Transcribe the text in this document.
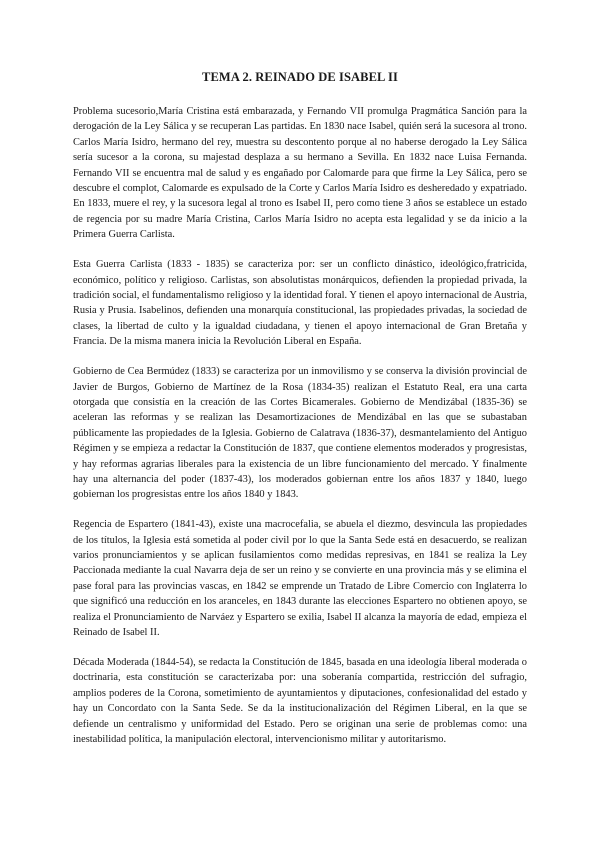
TEMA 2. REINADO DE ISABEL II

Problema sucesorio,María Cristina está embarazada, y Fernando VII promulga Pragmática Sanción para la derogación de la Ley Sálica y se recuperan Las partidas. En 1830 nace Isabel, quién será la sucesora al trono. Carlos María Isidro, hermano del rey, muestra su descontento porque al no haberse derogado la Ley Sálica sería sucesor a la corona, su majestad desplaza a su hermano a Sevilla. En 1832 nace Luisa Fernanda. Fernando VII se encuentra mal de salud y es engañado por Calomarde para que firme la Ley Sálica, pero se descubre el complot, Calomarde es expulsado de la Corte y Carlos María Isidro es desheredado y expatriado. En 1833, muere el rey, y la sucesora legal al trono es Isabel II, pero como tiene 3 años se establece un estado de regencia por su madre María Cristina, Carlos María Isidro no acepta esta legalidad y se da inicio a la Primera Guerra Carlista.

Esta Guerra Carlista (1833 - 1835) se caracteriza por: ser un conflicto dinástico, ideológico,fratricida, económico, político y religioso. Carlistas, son absolutistas monárquicos, defienden la propiedad privada, la tradición social, el fundamentalismo religioso y la identidad foral. Y tienen el apoyo internacional de Austria, Rusia y Prusia. Isabelinos, defienden una monarquía constitucional, las propiedades privadas, la sociedad de clases, la libertad de culto y la igualdad ciudadana, y tienen el apoyo internacional de Gran Bretaña y Francia. De la misma manera inicia la Revolución Liberal en España.

Gobierno de Cea Bermúdez (1833) se caracteriza por un inmovilismo y se conserva la división provincial de Javier de Burgos, Gobierno de Martínez de la Rosa (1834-35) realizan el Estatuto Real, era una carta otorgada que consistía en la creación de las Cortes Bicamerales. Gobierno de Mendizábal (1835-36) se aceleran las reformas y se realizan las Desamortizaciones de Mendizábal en las que se subastaban públicamente las propiedades de la Iglesia. Gobierno de Calatrava (1836-37), desmantelamiento del Antiguo Régimen y se empieza a redactar la Constitución de 1837, que contiene elementos moderados y progresistas, y hay reformas agrarias liberales para la existencia de un libre funcionamiento del mercado. Y finalmente hay una alternancia del poder (1837-43), los moderados gobiernan entre los años 1837 y 1840, luego gobiernan los progresistas entre los años 1840 y 1843.

Regencia de Espartero (1841-43), existe una macrocefalia, se abuela el diezmo, desvincula las propiedades de los títulos, la Iglesia está sometida al poder civil por lo que la Santa Sede está en desacuerdo, se realizan varios pronunciamientos y se aplican fusilamientos como medidas represivas, en 1841 se realiza la Ley Paccionada mediante la cual Navarra deja de ser un reino y se convierte en una provincia más y se elimina el pase foral para las provincias vascas, en 1842 se emprende un Tratado de Libre Comercio con Inglaterra lo que significó una reducción en los aranceles, en 1843 durante las elecciones Espartero no obtienen apoyo, se realiza el Pronunciamiento de Narváez y Espartero se exilia, Isabel II alcanza la mayoría de edad, empieza el Reinado de Isabel II.

Década Moderada (1844-54), se redacta la Constitución de 1845, basada en una ideología liberal moderada o doctrinaria, esta constitución se caracterizaba por: una soberanía compartida, restricción del sufragio, amplios poderes de la Corona, sometimiento de ayuntamientos y diputaciones, confesionalidad del estado y hay un Concordato con la Santa Sede. Se da la institucionalización del Régimen Liberal, en la que se defiende un centralismo y uniformidad del Estado. Pero se originan una serie de problemas como: una inestabilidad política, la manipulación electoral, intervencionismo militar y autoritarismo.
